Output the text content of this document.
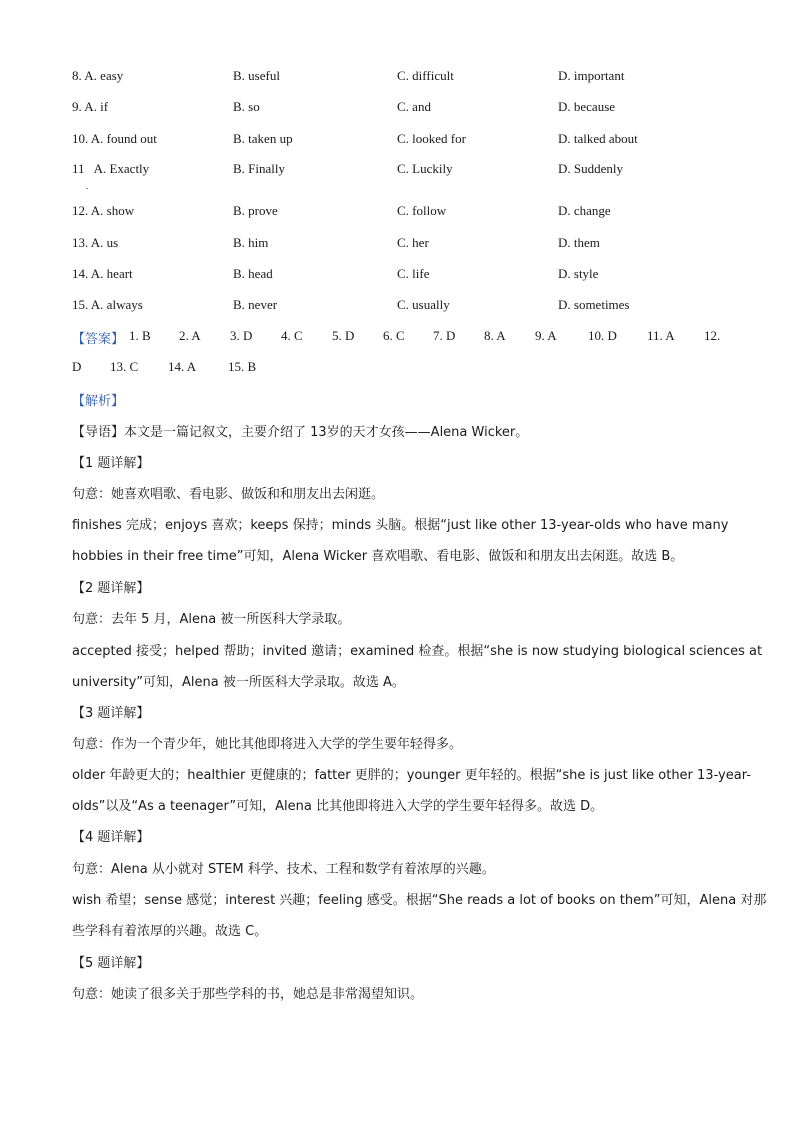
8. A. easy	B. useful	C. difficult	D. important
9. A. if	B. so	C. and	D. because
10. A. found out	B. taken up	C. looked for	D. talked about
11 A. Exactly	B. Finally	C. Luckily	D. Suddenly
.
12. A. show	B. prove	C. follow	D. change
13. A. us	B. him	C. her	D. them
14. A. heart	B. head	C. life	D. style
15. A. always	B. never	C. usually	D. sometimes
【答案】 1. B 2. A 3. D 4. C 5. D 6. C 7. D 8. A 9. A 10. D 11. A 12.
D 13. C 14. A 15. B
【解析】
【导语】本文是一篇记叙文，主要介绍了 13岁的天才女孩——Alena Wicker。
【1 题详解】
句意：她喜欢唱歌、看电影、做饭和和朋友出去闲逛。
finishes 完成；enjoys 喜欢；keeps 保持；minds 头脑。根据“just like other 13-year-olds who have many
hobbies in their free time”可知，Alena Wicker 喜欢唱歌、看电影、做饭和和朋友出去闲逛。故选 B。
【2 题详解】
句意：去年 5 月，Alena 被一所医科大学录取。
accepted 接受；helped 帮助；invited 邀请；examined 检查。根据“she is now studying biological sciences at
university”可知，Alena 被一所医科大学录取。故选 A。
【3 题详解】
句意：作为一个青少年，她比其他即将进入大学的学生要年轻得多。
older 年龄更大的；healthier 更健康的；fatter 更胖的；younger 更年轻的。根据“she is just like other 13-year-
olds”以及“As a teenager”可知，Alena 比其他即将进入大学的学生要年轻得多。故选 D。
【4 题详解】
句意：Alena 从小就对 STEM 科学、技术、工程和数学有着浓厚的兴趣。
wish 希望；sense 感觉；interest 兴趣；feeling 感受。根据“She reads a lot of books on them”可知，Alena 对那
些学科有着浓厚的兴趣。故选 C。
【5 题详解】
句意：她读了很多关于那些学科的书，她总是非常渴望知识。
